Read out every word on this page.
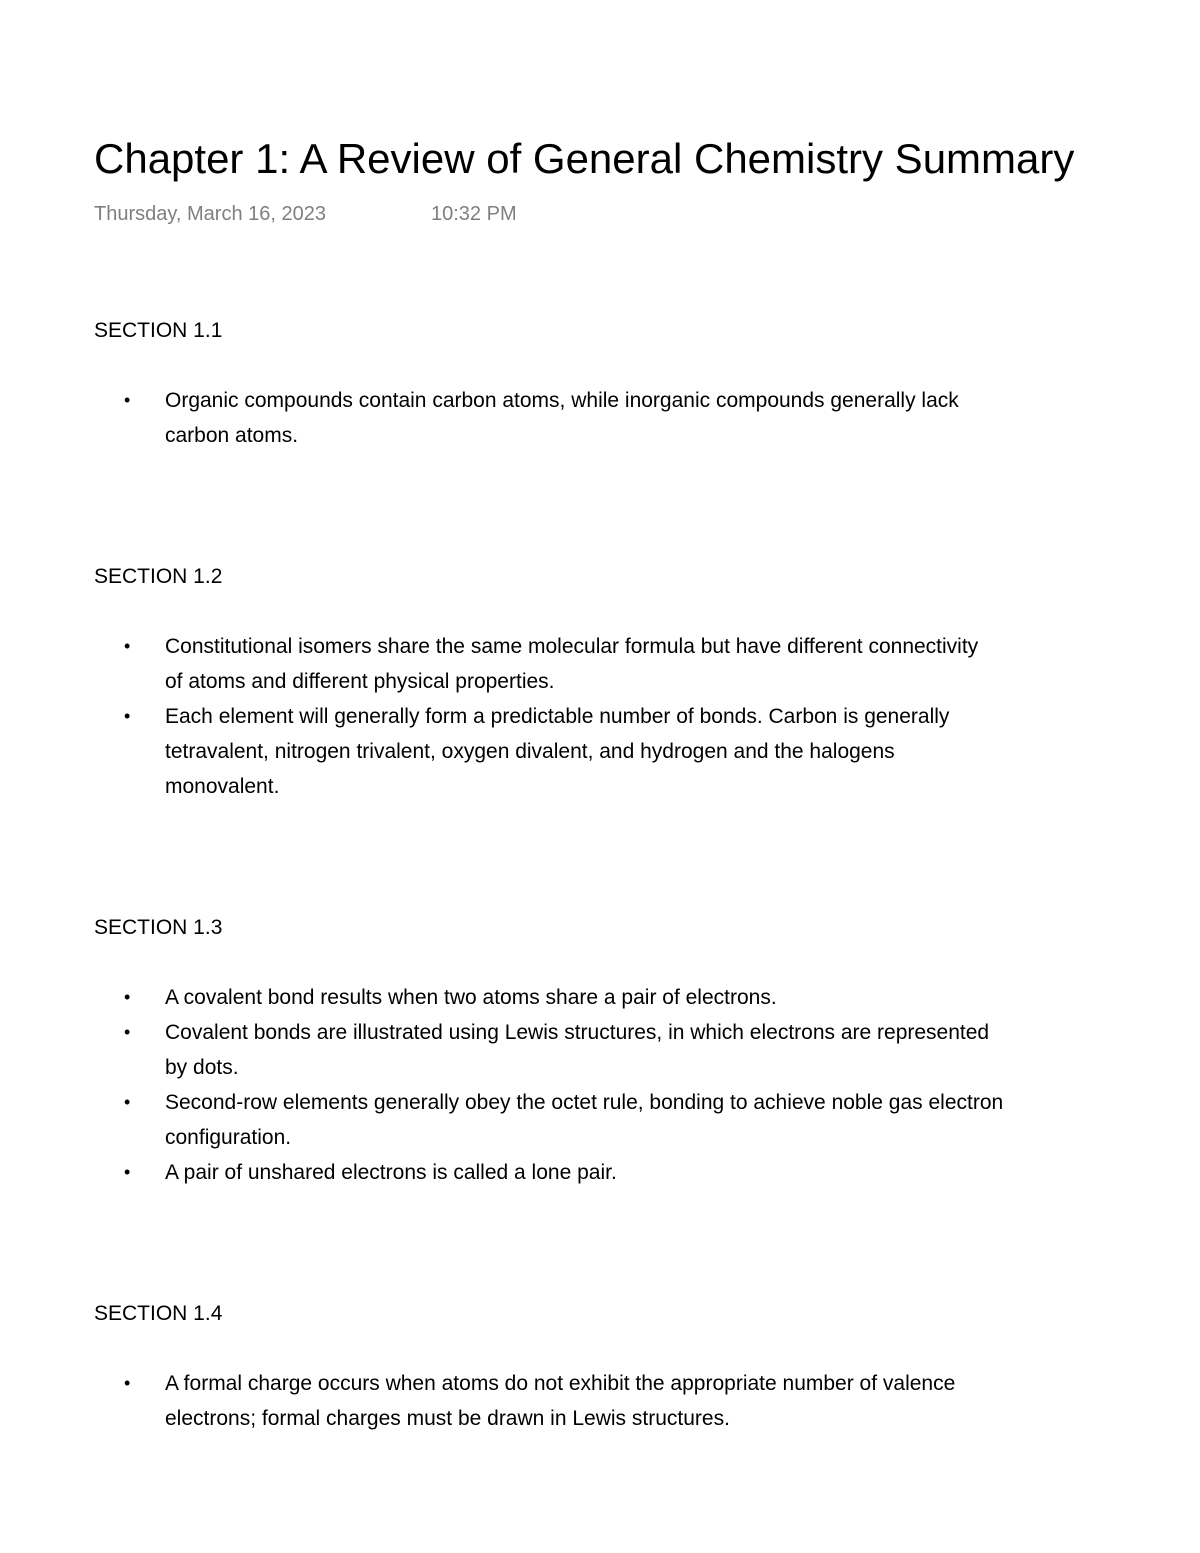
Chapter 1: A Review of General Chemistry Summary
Thursday, March 16, 2023	10:32 PM
SECTION 1.1
• Organic compounds contain carbon atoms, while inorganic compounds generally lack
carbon atoms.
SECTION 1.2
• Constitutional isomers share the same molecular formula but have different connectivity
of atoms and different physical properties.
• Each element will generally form a predictable number of bonds. Carbon is generally
tetravalent, nitrogen trivalent, oxygen divalent, and hydrogen and the halogens
monovalent.
SECTION 1.3
• A covalent bond results when two atoms share a pair of electrons.
• Covalent bonds are illustrated using Lewis structures, in which electrons are represented
by dots.
• Second-row elements generally obey the octet rule, bonding to achieve noble gas electron
configuration.
• A pair of unshared electrons is called a lone pair.
SECTION 1.4
• A formal charge occurs when atoms do not exhibit the appropriate number of valence
electrons; formal charges must be drawn in Lewis structures.
